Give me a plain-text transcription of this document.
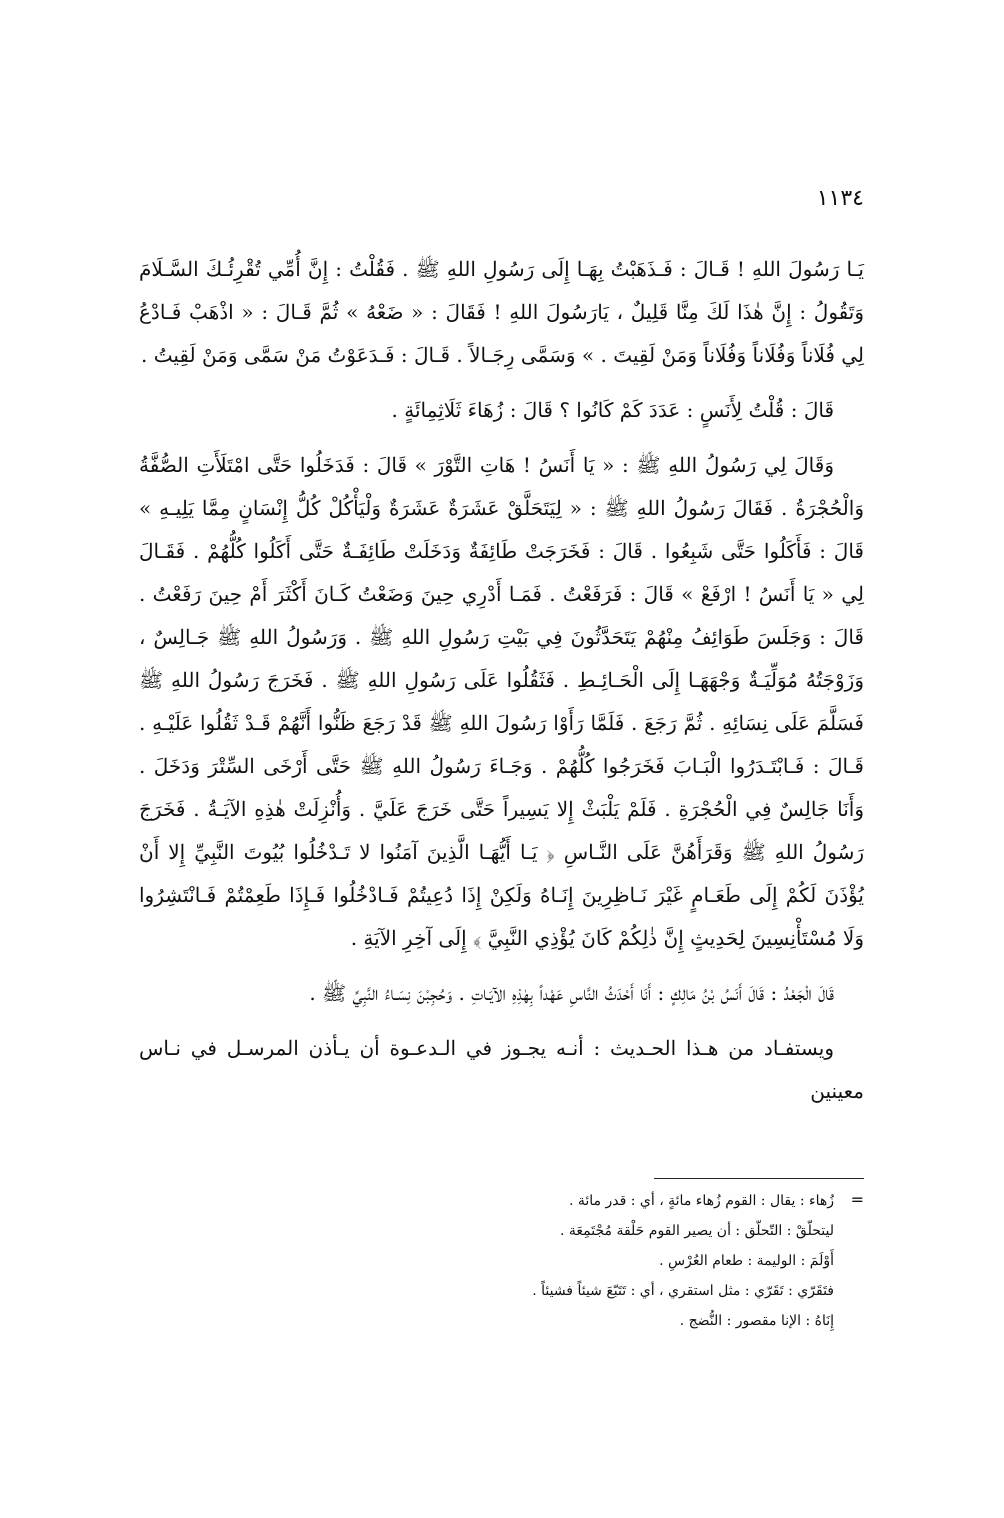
١١٣٤

يَـا رَسُولَ اللهِ ! قَـالَ : فَـذَهَبْتُ بِهَـا إِلَى رَسُولِ اللهِ ﷺ . فَقُلْتُ : إِنَّ أُمِّي تُقْرِئُـكَ السَّـلَامَ وَتَقُولُ : إِنَّ هٰذَا لَكَ مِنَّا قَلِيلٌ ، يَارَسُولَ اللهِ ! فَقَالَ : « ضَعْهُ » ثُمَّ قَـالَ : « اذْهَبْ فَـادْعُ لِي فُلَاناً وَفُلَاناً وَفُلَاناً وَمَنْ لَقِيتَ . » وَسَمَّى رِجَـالاً . قَـالَ : فَـدَعَوْتُ مَنْ سَمَّى وَمَنْ لَقِيتُ .

قَالَ : قُلْتُ لِأَنَسٍ : عَدَدَ كَمْ كَانُوا ؟ قَالَ : زُهَاءَ ثَلَاثِمِائَةٍ .

وَقَالَ لِي رَسُولُ اللهِ ﷺ : « يَا أَنَسُ ! هَاتِ التَّوْرَ » قَالَ : فَدَخَلُوا حَتَّى امْتَلَأَتِ الصُّفَّةُ وَالْحُجْرَةُ . فَقَالَ رَسُولُ اللهِ ﷺ : « لِيَتَحَلَّقْ عَشَرَةٌ عَشَرَةٌ وَلْيَأْكُلْ كُلُّ إِنْسَانٍ مِمَّا يَلِيـهِ » قَالَ : فَأَكَلُوا حَتَّى شَبِعُوا . قَالَ : فَخَرَجَتْ طَائِفَةٌ وَدَخَلَتْ طَائِفَـةٌ حَتَّى أَكَلُوا كُلُّهُمْ . فَقَـالَ لِي « يَا أَنَسُ ! ارْفَعْ » قَالَ : فَرَفَعْتُ . فَمَـا أَدْرِي حِينَ وَضَعْتُ كَـانَ أَكْثَرَ أَمْ حِينَ رَفَعْتُ . قَالَ : وَجَلَسَ طَوَائِفُ مِنْهُمْ يَتَحَدَّثُونَ فِي بَيْتِ رَسُولِ اللهِ ﷺ . وَرَسُولُ اللهِ ﷺ جَـالِسٌ ، وَزَوْجَتُهُ مُوَلِّيَـةٌ وَجْهَهَـا إِلَى الْحَـائِـطِ . فَثَقُلُوا عَلَى رَسُولِ اللهِ ﷺ . فَخَرَجَ رَسُولُ اللهِ ﷺ فَسَلَّمَ عَلَى نِسَائِهِ . ثُمَّ رَجَعَ . فَلَمَّا رَأَوْا رَسُولَ اللهِ ﷺ قَدْ رَجَعَ ظَنُّوا أَنَّهُمْ قَـدْ ثَقُلُوا عَلَيْـهِ . قَـالَ : فَـابْتَـدَرُوا الْبَـابَ فَخَرَجُوا كُلُّهُمْ . وَجَـاءَ رَسُولُ اللهِ ﷺ حَتَّى أَرْخَى السِّتْرَ وَدَخَلَ . وَأَنَا جَالِسٌ فِي الْحُجْرَةِ . فَلَمْ يَلْبَثْ إِلا يَسِيراً حَتَّى خَرَجَ عَلَيَّ . وَأُنْزِلَتْ هٰذِهِ الآيَـةُ . فَخَرَجَ رَسُولُ اللهِ ﷺ وَقَرَأَهُنَّ عَلَى النَّـاسِ ﴿ يَـا أَيُّهَـا الَّذِينَ آمَنُوا لا تَـدْخُلُوا بُيُوتَ النَّبِيِّ إِلا أَنْ يُؤْذَنَ لَكُمْ إِلَى طَعَـامٍ غَيْرَ نَـاظِرِينَ إِنَـاهُ وَلَكِنْ إِذَا دُعِيتُمْ فَـادْخُلُوا فَـإِذَا طَعِمْتُمْ فَـانْتَشِرُوا وَلَا مُسْتَأْنِسِينَ لِحَدِيثٍ إِنَّ ذٰلِكُمْ كَانَ يُؤْذِي النَّبِيَّ ﴾ إِلَى آخِرِ الآيَةِ .

قَالَ الْجَعْدُ : قَالَ أَنَسُ بْنُ مَالِكٍ : أَنَا أَحْدَثُ النَّاسِ عَهْداً بِهٰذِهِ الآيَـاتِ . وَحُجِبْنَ نِسَـاءُ النَّبِيِّ ﷺ .

ويستفـاد من هـذا الحـديث : أنـه يجـوز في الـدعـوة أن يـأذن المرسـل في نـاس معينين

=
زُهاء : يقال : القوم زُهاء مائةٍ ، أي : قدر مائة .
ليتحلّقْ : التّحلّق : أن يصير القوم حَلْقة مُجْتَمِعَة .
أَوْلَمَ : الوليمة : طعام العُرْسِ .
فتَقَرّي : تَقَرّي : مثل استقري ، أي : تَتَبّعَ شيئاً فشيئاً .
إِنَاهُ : الإنا مقصور : النُّضج .
